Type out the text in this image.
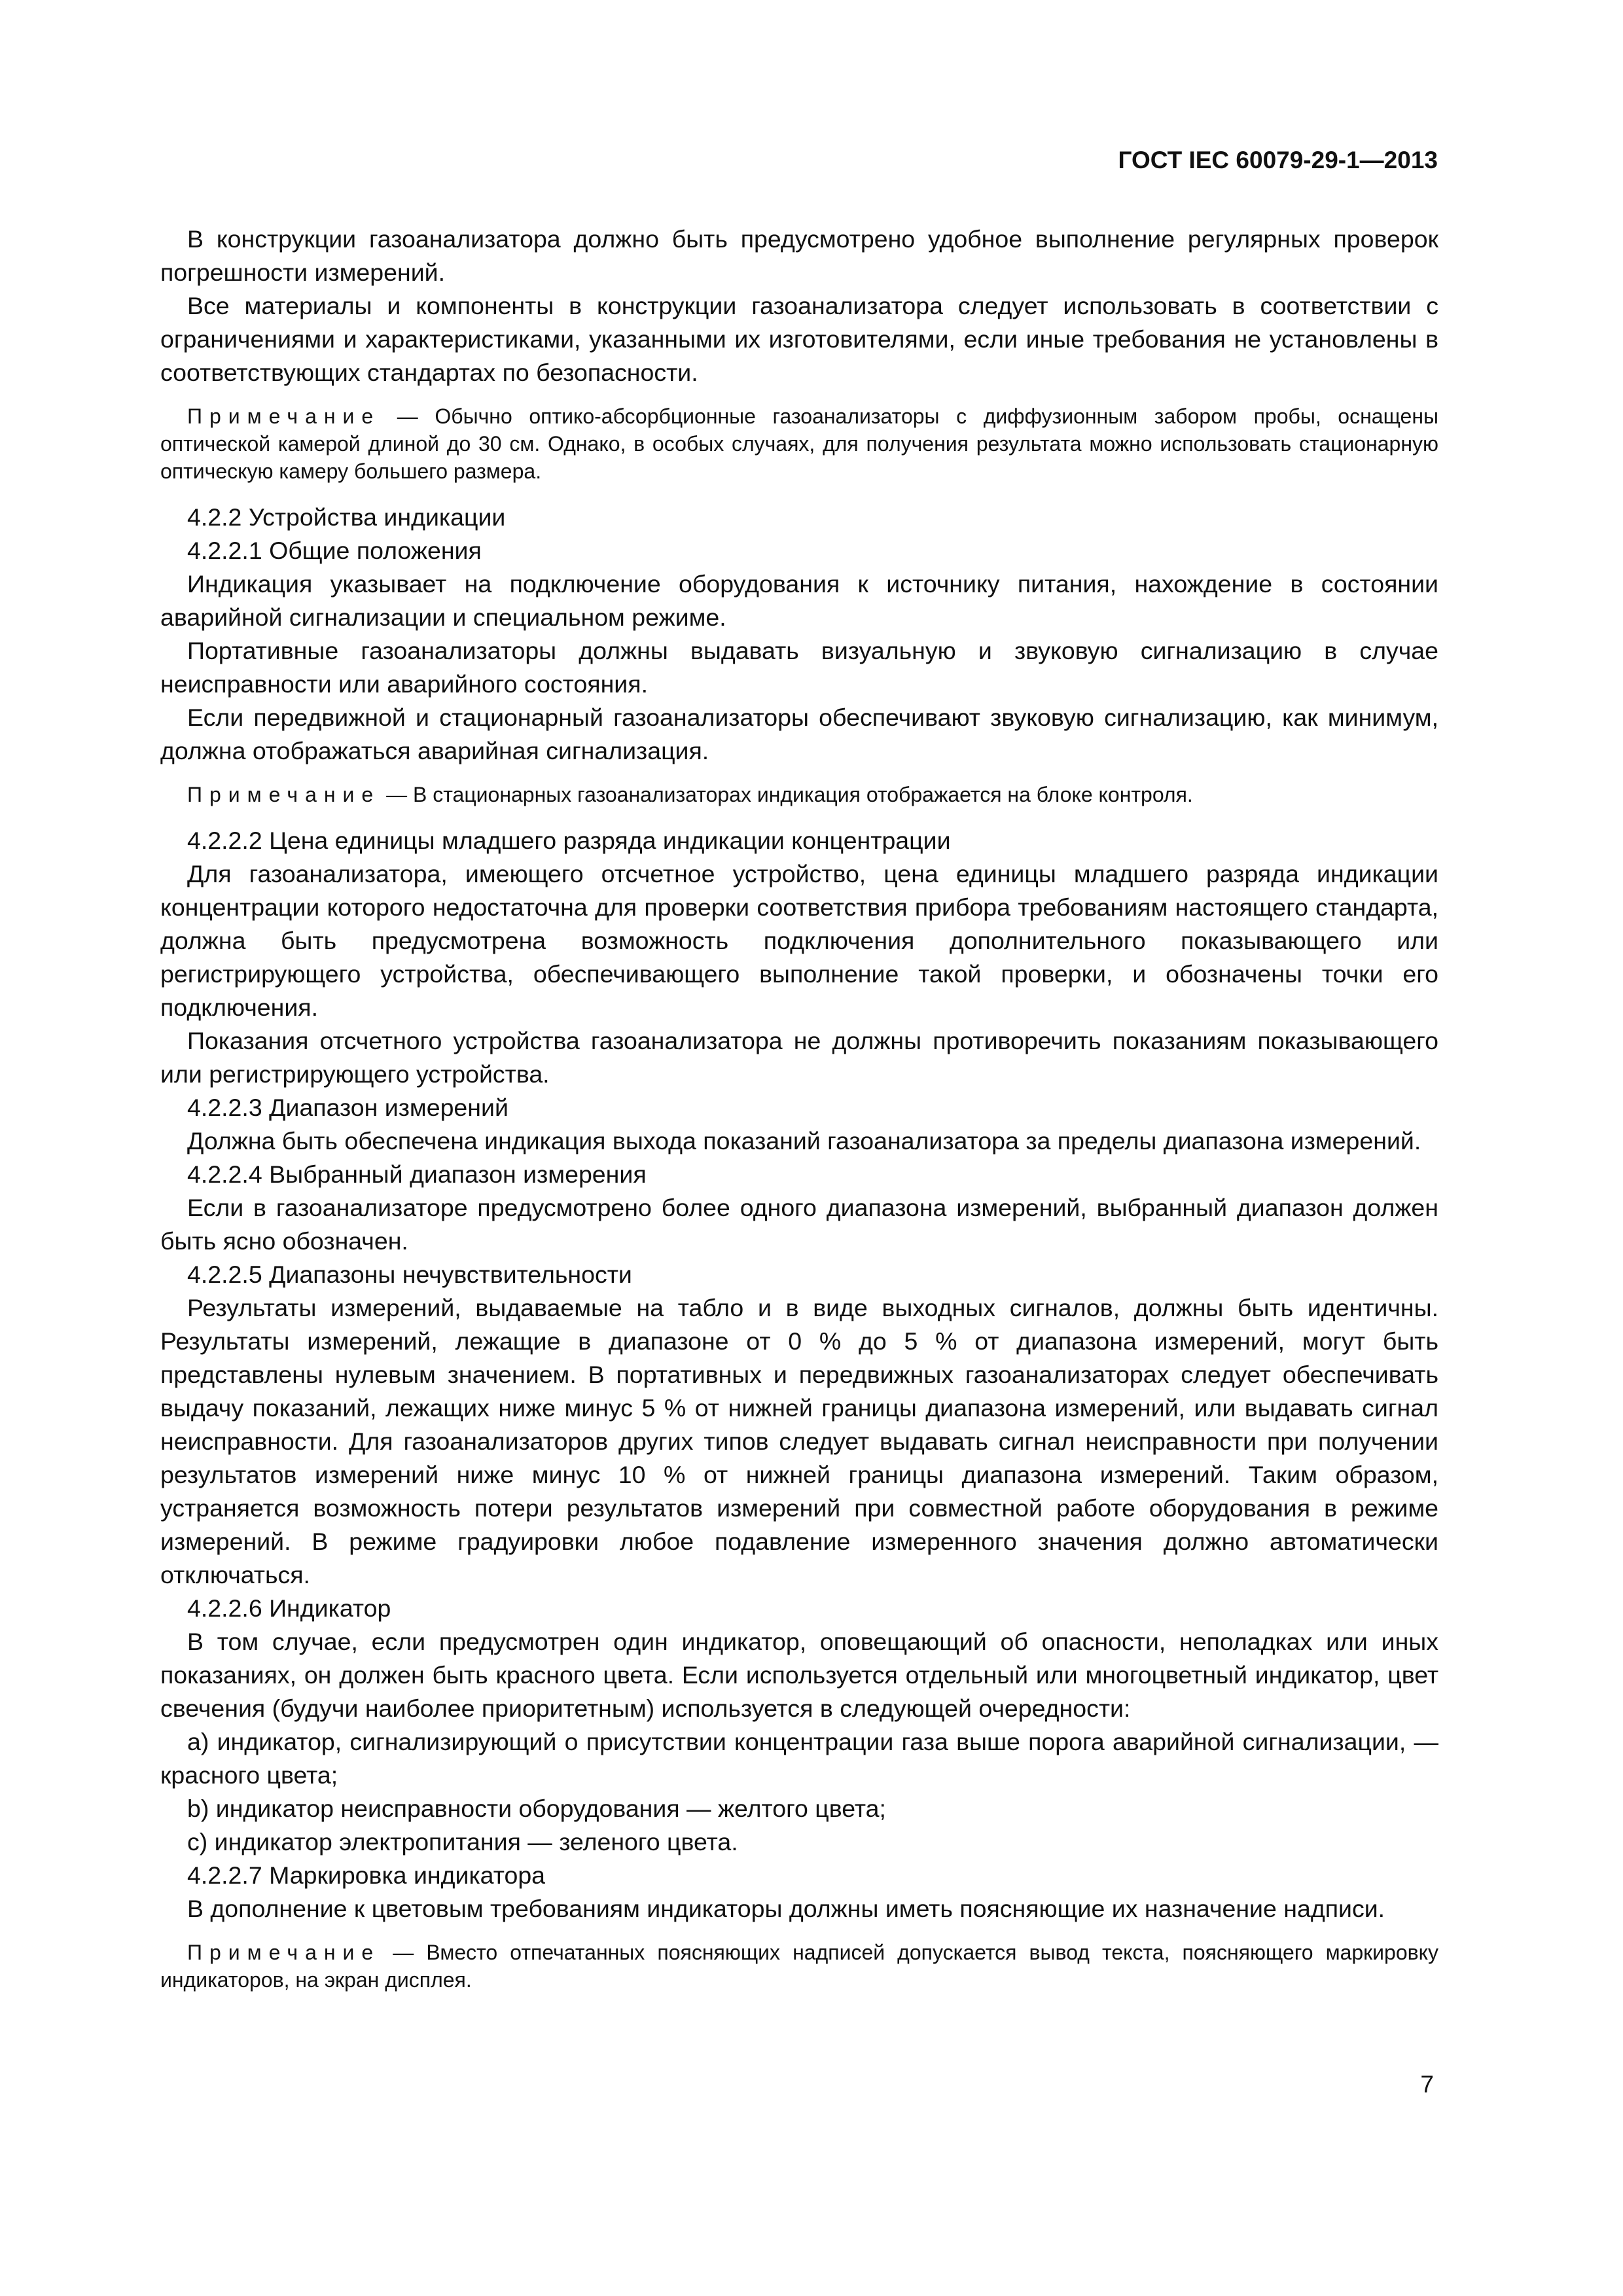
ГОСТ IEC 60079-29-1—2013

В конструкции газоанализатора должно быть предусмотрено удобное выполнение регулярных проверок погрешности измерений.

Все материалы и компоненты в конструкции газоанализатора следует использовать в соответствии с ограничениями и характеристиками, указанными их изготовителями, если иные требования не установлены в соответствующих стандартах по безопасности.

Примечание — Обычно оптико-абсорбционные газоанализаторы с диффузионным забором пробы, оснащены оптической камерой длиной до 30 см. Однако, в особых случаях, для получения результата можно использовать стационарную оптическую камеру большего размера.

4.2.2 Устройства индикации

4.2.2.1 Общие положения

Индикация указывает на подключение оборудования к источнику питания, нахождение в состоянии аварийной сигнализации и специальном режиме.

Портативные газоанализаторы должны выдавать визуальную и звуковую сигнализацию в случае неисправности или аварийного состояния.

Если передвижной и стационарный газоанализаторы обеспечивают звуковую сигнализацию, как минимум, должна отображаться аварийная сигнализация.

Примечание — В стационарных газоанализаторах индикация отображается на блоке контроля.

4.2.2.2 Цена единицы младшего разряда индикации концентрации

Для газоанализатора, имеющего отсчетное устройство, цена единицы младшего разряда индикации концентрации которого недостаточна для проверки соответствия прибора требованиям настоящего стандарта, должна быть предусмотрена возможность подключения дополнительного показывающего или регистрирующего устройства, обеспечивающего выполнение такой проверки, и обозначены точки его подключения.

Показания отсчетного устройства газоанализатора не должны противоречить показаниям показывающего или регистрирующего устройства.

4.2.2.3 Диапазон измерений

Должна быть обеспечена индикация выхода показаний газоанализатора за пределы диапазона измерений.

4.2.2.4 Выбранный диапазон измерения

Если в газоанализаторе предусмотрено более одного диапазона измерений, выбранный диапазон должен быть ясно обозначен.

4.2.2.5 Диапазоны нечувствительности

Результаты измерений, выдаваемые на табло и в виде выходных сигналов, должны быть идентичны. Результаты измерений, лежащие в диапазоне от 0 % до 5 % от диапазона измерений, могут быть представлены нулевым значением. В портативных и передвижных газоанализаторах следует обеспечивать выдачу показаний, лежащих ниже минус 5 % от нижней границы диапазона измерений, или выдавать сигнал неисправности. Для газоанализаторов других типов следует выдавать сигнал неисправности при получении результатов измерений ниже минус 10 % от нижней границы диапазона измерений. Таким образом, устраняется возможность потери результатов измерений при совместной работе оборудования в режиме измерений. В режиме градуировки любое подавление измеренного значения должно автоматически отключаться.

4.2.2.6 Индикатор

В том случае, если предусмотрен один индикатор, оповещающий об опасности, неполадках или иных показаниях, он должен быть красного цвета. Если используется отдельный или многоцветный индикатор, цвет свечения (будучи наиболее приоритетным) используется в следующей очередности:

a) индикатор, сигнализирующий о присутствии концентрации газа выше порога аварийной сигнализации, — красного цвета;

b) индикатор неисправности оборудования — желтого цвета;

c) индикатор электропитания — зеленого цвета.

4.2.2.7 Маркировка индикатора

В дополнение к цветовым требованиям индикаторы должны иметь поясняющие их назначение надписи.

Примечание — Вместо отпечатанных поясняющих надписей допускается вывод текста, поясняющего маркировку индикаторов, на экран дисплея.

7
